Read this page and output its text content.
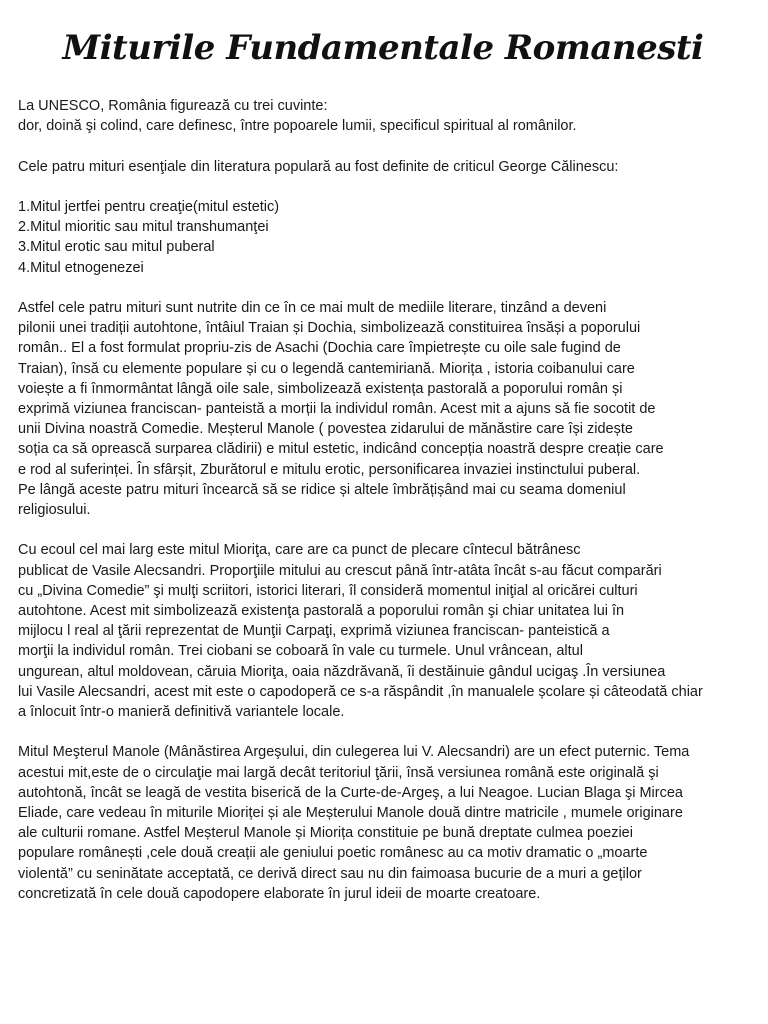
Miturile Fundamentale Romanesti
La UNESCO, România figurează cu trei cuvinte:
dor, doină şi colind, care definesc, între popoarele lumii, specificul spiritual al românilor.
Cele patru mituri esenţiale din literatura populară au fost definite de criticul George Călinescu:
1.Mitul jertfei pentru creaţie(mitul estetic)
2.Mitul mioritic sau mitul transhumanţei
3.Mitul erotic sau mitul puberal
4.Mitul etnogenezei
Astfel cele patru mituri sunt nutrite din ce în ce mai mult de mediile literare, tinzând a deveni
pilonii unei tradiții autohtone, întâiul Traian și Dochia, simbolizează constituirea însăși a poporului
român.. El a fost formulat propriu-zis de Asachi (Dochia care împietrește cu oile sale fugind de
Traian), însă cu elemente populare și cu o legendă cantemiriană. Miorița , istoria coibanului care
voiește a fi înmormântat lângă oile sale, simbolizează existența pastorală a poporului român și
exprimă viziunea franciscan- panteistă a morții la individul român. Acest mit a ajuns să fie socotit de
unii Divina noastră Comedie. Meșterul Manole ( povestea zidarului de mănăstire care își zidește
soția ca să oprească surparea clădirii) e mitul estetic, indicând concepția noastră despre creație care
e rod al suferinței. În sfârșit, Zburătorul e mitulu erotic, personificarea invaziei instinctului puberal.
Pe lângă aceste patru mituri încearcă să se ridice și altele îmbrățișând mai cu seama domeniul
religiosului.
Cu ecoul cel mai larg este mitul Mioriţa, care are ca punct de plecare cîntecul bătrânesc
publicat de Vasile Alecsandri. Proporţiile mitului au crescut până într-atâta încât s-au făcut comparări
cu „Divina Comedie” şi mulţi scriitori, istorici literari, îl consideră momentul iniţial al oricărei culturi
autohtone. Acest mit simbolizează existenţa pastorală a poporului român şi chiar unitatea lui în
mijlocu l real al ţării reprezentat de Munţii Carpaţi, exprimă viziunea franciscan- panteistică a
morţii la individul român. Trei ciobani se coboară în vale cu turmele. Unul vrâncean, altul
ungurean, altul moldovean, căruia Mioriţa, oaia năzdrăvană, îi destăinuie gândul ucigaş .În versiunea
lui Vasile Alecsandri, acest mit este o capodoperă ce s-a răspândit ,în manualele școlare și câteodată chiar
a înlocuit într-o manieră definitivă variantele locale.
Mitul Meşterul Manole (Mânăstirea Argeşului, din culegerea lui V. Alecsandri) are un efect puternic. Tema
acestui mit,este de o circulaţie mai largă decât teritoriul ţării, însă versiunea română este originală şi
autohtonă, încât se leagă de vestita biserică de la Curte-de-Argeş, a lui Neagoe. Lucian Blaga şi Mircea
Eliade, care vedeau în miturile Mioriței și ale Meșterului Manole două dintre matricile , mumele originare
ale culturii romane. Astfel Meșterul Manole și Miorița constituie pe bună dreptate culmea poeziei
populare românești ,cele două creații ale geniului poetic românesc au ca motiv dramatic o „moarte
violentă” cu seninătate acceptată, ce derivă direct sau nu din faimoasa bucurie de a muri a geților
concretizată în cele două capodopere elaborate în jurul ideii de moarte creatoare.
